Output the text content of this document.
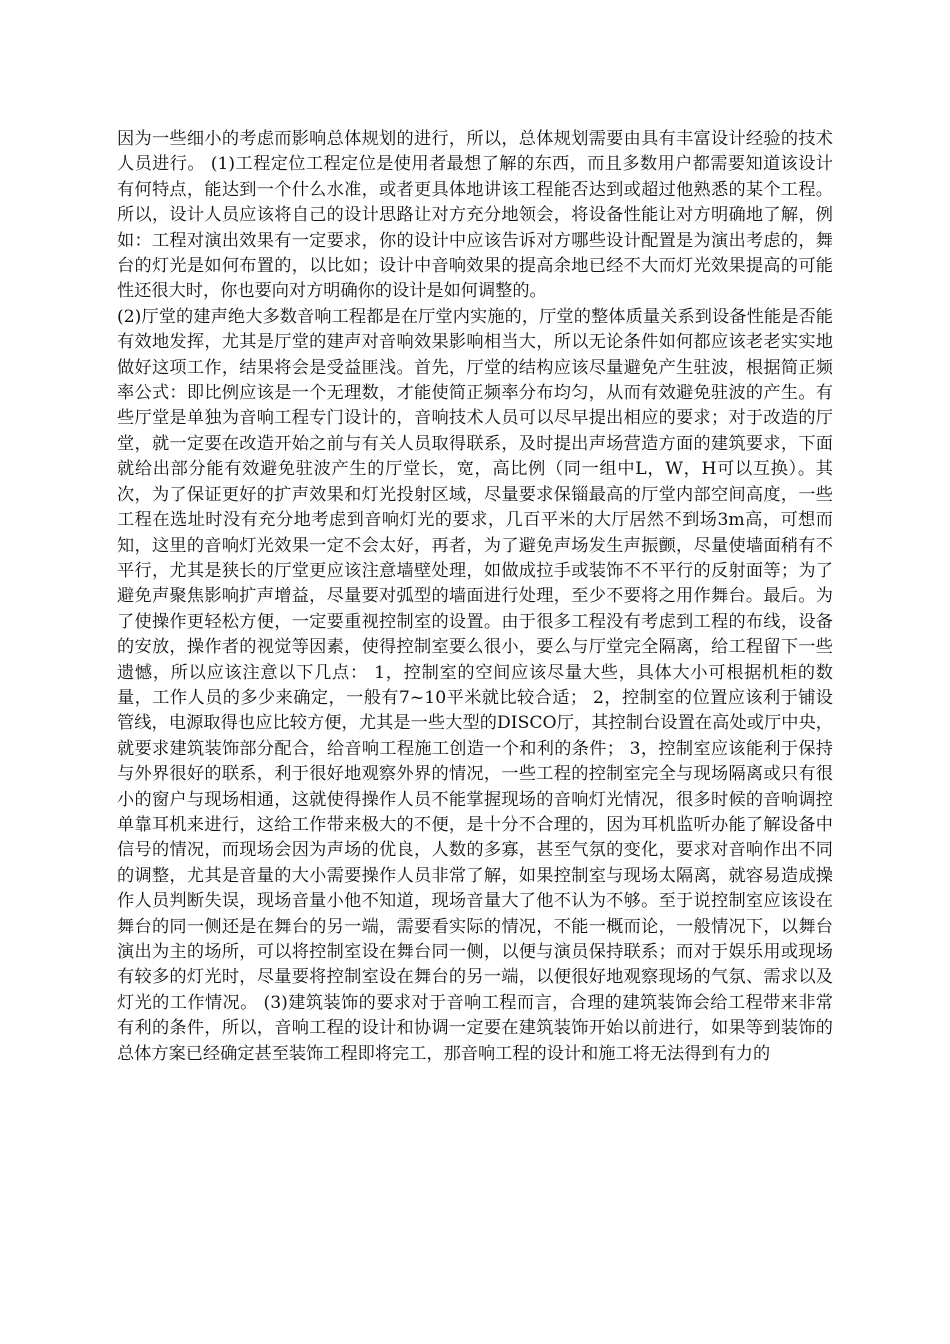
因为一些细小的考虑而影响总体规划的进行，所以，总体规划需要由具有丰富设计经验的技术人员进行。 (1)工程定位工程定位是使用者最想了解的东西，而且多数用户都需要知道该设计有何特点，能达到一个什么水准，或者更具体地讲该工程能否达到或超过他熟悉的某个工程。所以，设计人员应该将自己的设计思路让对方充分地领会，将设备性能让对方明确地了解，例如：工程对演出效果有一定要求，你的设计中应该告诉对方哪些设计配置是为演出考虑的，舞台的灯光是如何布置的，以比如；设计中音响效果的提高余地已经不大而灯光效果提高的可能性还很大时，你也要向对方明确你的设计是如何调整的。

(2)厅堂的建声绝大多数音响工程都是在厅堂内实施的，厅堂的整体质量关系到设备性能是否能有效地发挥，尤其是厅堂的建声对音响效果影响相当大，所以无论条件如何都应该老老实实地做好这项工作，结果将会是受益匪浅。首先，厅堂的结构应该尽量避免产生驻波，根据简正频率公式：即比例应该是一个无理数，才能使简正频率分布均匀，从而有效避免驻波的产生。有些厅堂是单独为音响工程专门设计的，音响技术人员可以尽早提出相应的要求；对于改造的厅堂，就一定要在改造开始之前与有关人员取得联系，及时提出声场营造方面的建筑要求，下面就给出部分能有效避免驻波产生的厅堂长，宽，高比例（同一组中L，W，H可以互换）。其次，为了保证更好的扩声效果和灯光投射区域，尽量要求保锱最高的厅堂内部空间高度，一些工程在选址时没有充分地考虑到音响灯光的要求，几百平米的大厅居然不到场3m高，可想而知，这里的音响灯光效果一定不会太好，再者，为了避免声场发生声振颤，尽量使墙面稍有不平行，尤其是狭长的厅堂更应该注意墙壁处理，如做成拉手或装饰不不平行的反射面等；为了避免声聚焦影响扩声增益，尽量要对弧型的墙面进行处理，至少不要将之用作舞台。最后。为了使操作更轻松方便，一定要重视控制室的设置。由于很多工程没有考虑到工程的布线，设备的安放，操作者的视觉等因素，使得控制室要么很小，要么与厅堂完全隔离，给工程留下一些遗憾，所以应该注意以下几点： 1，控制室的空间应该尽量大些，具体大小可根据机柜的数量，工作人员的多少来确定，一般有7~10平米就比较合适； 2，控制室的位置应该利于铺设管线，电源取得也应比较方便，尤其是一些大型的DISCO厅，其控制台设置在高处或厅中央，就要求建筑装饰部分配合，给音响工程施工创造一个和利的条件； 3，控制室应该能利于保持与外界很好的联系，利于很好地观察外界的情况，一些工程的控制室完全与现场隔离或只有很小的窗户与现场相通，这就使得操作人员不能掌握现场的音响灯光情况，很多时候的音响调控单靠耳机来进行，这给工作带来极大的不便，是十分不合理的，因为耳机监听办能了解设备中信号的情况，而现场会因为声场的优良，人数的多寡，甚至气氛的变化，要求对音响作出不同的调整，尤其是音量的大小需要操作人员非常了解，如果控制室与现场太隔离，就容易造成操作人员判断失误，现场音量小他不知道，现场音量大了他不认为不够。至于说控制室应该设在舞台的同一侧还是在舞台的另一端，需要看实际的情况，不能一概而论，一般情况下，以舞台演出为主的场所，可以将控制室设在舞台同一侧，以便与演员保持联系；而对于娱乐用或现场有较多的灯光时，尽量要将控制室设在舞台的另一端，以便很好地观察现场的气氛、需求以及灯光的工作情况。 (3)建筑装饰的要求对于音响工程而言，合理的建筑装饰会给工程带来非常有利的条件，所以，音响工程的设计和协调一定要在建筑装饰开始以前进行，如果等到装饰的总体方案已经确定甚至装饰工程即将完工，那音响工程的设计和施工将无法得到有力的
